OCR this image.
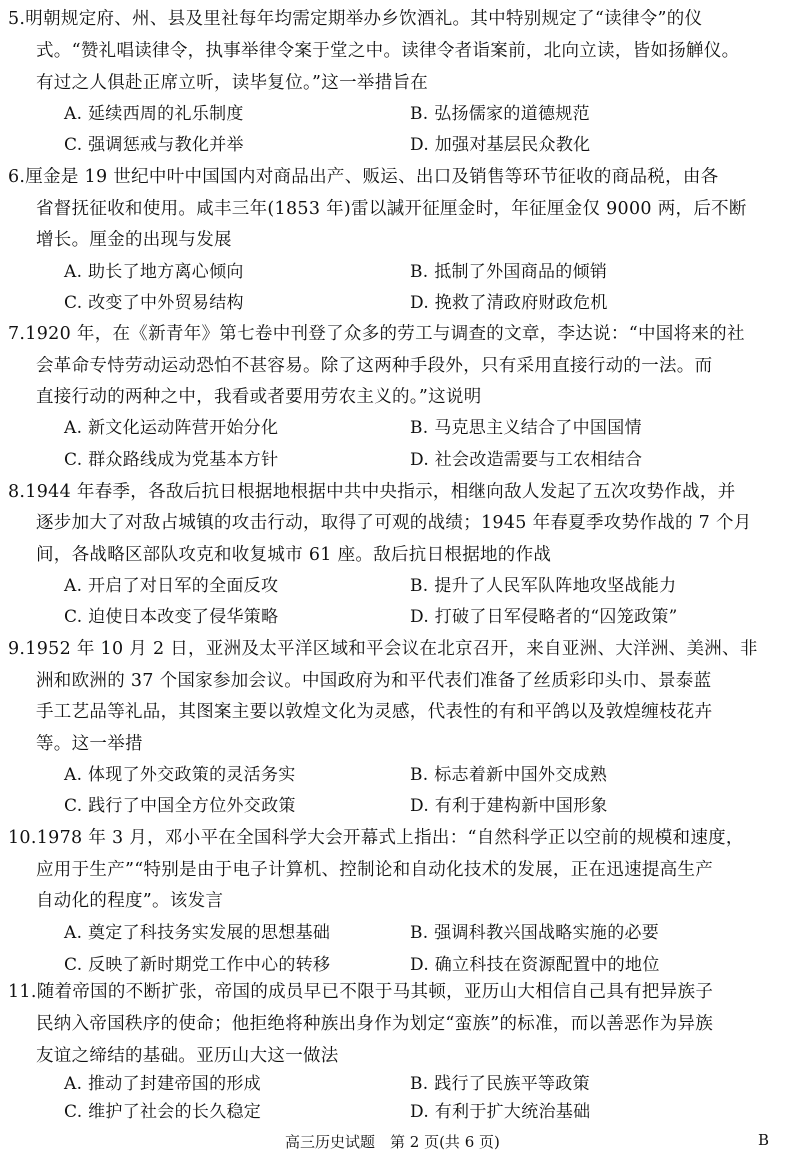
5.明朝规定府、州、县及里社每年均需定期举办乡饮酒礼。其中特别规定了“读律令”的仪
式。“赞礼唱读律令，执事举律令案于堂之中。读律令者诣案前，北向立读，皆如扬觯仪。
有过之人俱赴正席立听，读毕复位。”这一举措旨在
A. 延续西周的礼乐制度	B. 弘扬儒家的道德规范
C. 强调惩戒与教化并举	D. 加强对基层民众教化
6.厘金是 19 世纪中叶中国国内对商品出产、贩运、出口及销售等环节征收的商品税，由各
省督抚征收和使用。咸丰三年(1853 年)雷以諴开征厘金时，年征厘金仅 9000 两，后不断
增长。厘金的出现与发展
A. 助长了地方离心倾向	B. 抵制了外国商品的倾销
C. 改变了中外贸易结构	D. 挽救了清政府财政危机
7.1920 年，在《新青年》第七卷中刊登了众多的劳工与调查的文章，李达说：“中国将来的社
会革命专恃劳动运动恐怕不甚容易。除了这两种手段外，只有采用直接行动的一法。而
直接行动的两种之中，我看或者要用劳农主义的。”这说明
A. 新文化运动阵营开始分化	B. 马克思主义结合了中国国情
C. 群众路线成为党基本方针	D. 社会改造需要与工农相结合
8.1944 年春季，各敌后抗日根据地根据中共中央指示，相继向敌人发起了五次攻势作战，并
逐步加大了对敌占城镇的攻击行动，取得了可观的战绩；1945 年春夏季攻势作战的 7 个月
间，各战略区部队攻克和收复城市 61 座。敌后抗日根据地的作战
A. 开启了对日军的全面反攻	B. 提升了人民军队阵地攻坚战能力
C. 迫使日本改变了侵华策略	D. 打破了日军侵略者的“囚笼政策”
9.1952 年 10 月 2 日，亚洲及太平洋区域和平会议在北京召开，来自亚洲、大洋洲、美洲、非
洲和欧洲的 37 个国家参加会议。中国政府为和平代表们准备了丝质彩印头巾、景泰蓝
手工艺品等礼品，其图案主要以敦煌文化为灵感，代表性的有和平鸽以及敦煌缠枝花卉
等。这一举措
A. 体现了外交政策的灵活务实	B. 标志着新中国外交成熟
C. 践行了中国全方位外交政策	D. 有利于建构新中国形象
10.1978 年 3 月，邓小平在全国科学大会开幕式上指出：“自然科学正以空前的规模和速度，
应用于生产”“特别是由于电子计算机、控制论和自动化技术的发展，正在迅速提高生产
自动化的程度”。该发言
A. 奠定了科技务实发展的思想基础	B. 强调科教兴国战略实施的必要
C. 反映了新时期党工作中心的转移	D. 确立科技在资源配置中的地位
11.随着帝国的不断扩张，帝国的成员早已不限于马其顿，亚历山大相信自己具有把异族子
民纳入帝国秩序的使命；他拒绝将种族出身作为划定“蛮族”的标准，而以善恶作为异族
友谊之缔结的基础。亚历山大这一做法
高三历史试题　第 2 页(共 6 页)	B
A. 推动了封建帝国的形成	B. 践行了民族平等政策
C. 维护了社会的长久稳定	D. 有利于扩大统治基础
